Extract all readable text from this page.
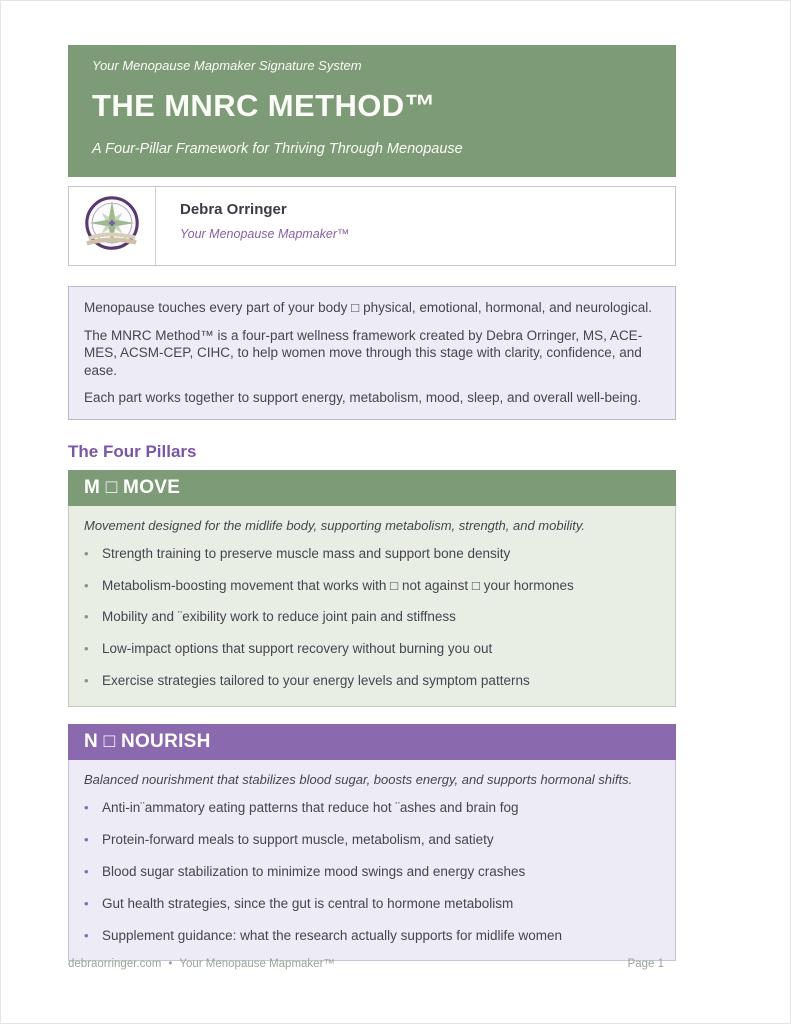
Your Menopause Mapmaker Signature System
THE MNRC METHOD™
A Four-Pillar Framework for Thriving Through Menopause
Debra Orringer
Your Menopause Mapmaker™

Menopause touches every part of your body □ physical, emotional, hormonal, and neurological.

The MNRC Method™ is a four-part wellness framework created by Debra Orringer, MS, ACE-MES, ACSM-CEP, CIHC, to help women move through this stage with clarity, confidence, and ease.

Each part works together to support energy, metabolism, mood, sleep, and overall well-being.

The Four Pillars
M □ MOVE
Movement designed for the midlife body, supporting metabolism, strength, and mobility.
• Strength training to preserve muscle mass and support bone density
• Metabolism-boosting movement that works with □ not against □ your hormones
• Mobility and ¨exibility work to reduce joint pain and stiffness
• Low-impact options that support recovery without burning you out
• Exercise strategies tailored to your energy levels and symptom patterns
N □ NOURISH
Balanced nourishment that stabilizes blood sugar, boosts energy, and supports hormonal shifts.
• Anti-in¨ammatory eating patterns that reduce hot ¨ashes and brain fog
• Protein-forward meals to support muscle, metabolism, and satiety
• Blood sugar stabilization to minimize mood swings and energy crashes
• Gut health strategies, since the gut is central to hormone metabolism
• Supplement guidance: what the research actually supports for midlife women
debraorringer.com • Your Menopause Mapmaker™	Page 1
